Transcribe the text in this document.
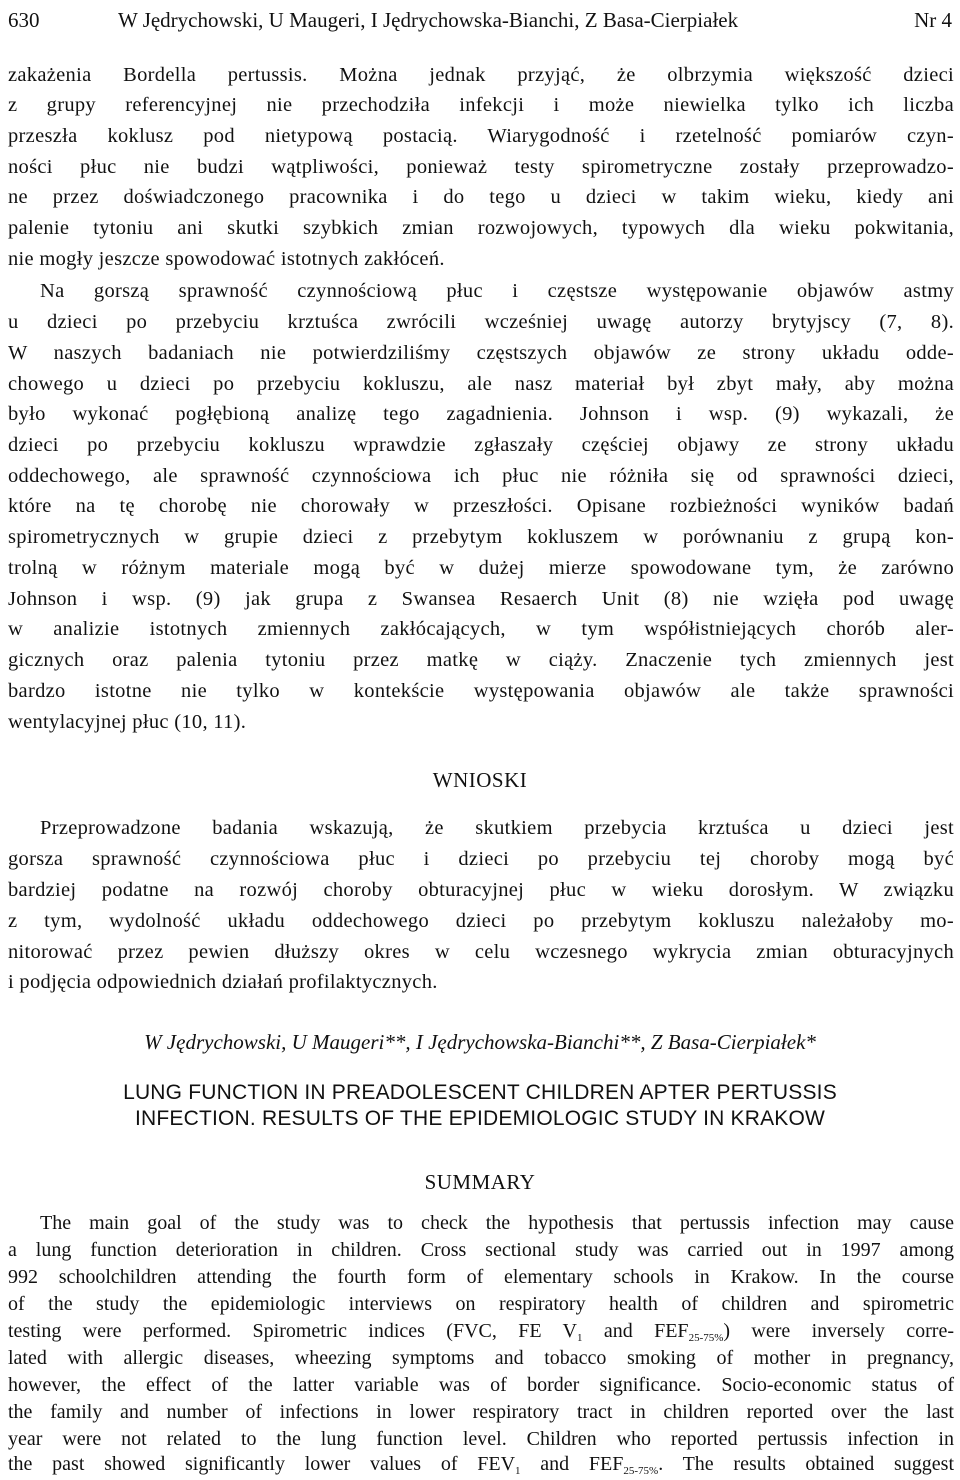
630	W Jędrychowski, U Maugeri, I Jędrychowska-Bianchi, Z Basa-Cierpiałek	Nr 4
zakażenia Bordella pertussis. Można jednak przyjąć, że olbrzymia większość dzieci
z grupy referencyjnej nie przechodziła infekcji i może niewielka tylko ich liczba
przeszła koklusz pod nietypową postacią. Wiarygodność i rzetelność pomiarów czyn-
ności płuc nie budzi wątpliwości, ponieważ testy spirometryczne zostały przeprowadzo-
ne przez doświadczonego pracownika i do tego u dzieci w takim wieku, kiedy ani
palenie tytoniu ani skutki szybkich zmian rozwojowych, typowych dla wieku pokwitania,
nie mogły jeszcze spowodować istotnych zakłóceń.
Na gorszą sprawność czynnościową płuc i częstsze występowanie objawów astmy
u dzieci po przebyciu krztuśca zwrócili wcześniej uwagę autorzy brytyjscy (7, 8).
W naszych badaniach nie potwierdziliśmy częstszych objawów ze strony układu odde-
chowego u dzieci po przebyciu kokluszu, ale nasz materiał był zbyt mały, aby można
było wykonać pogłębioną analizę tego zagadnienia. Johnson i wsp. (9) wykazali, że
dzieci po przebyciu kokluszu wprawdzie zgłaszały częściej objawy ze strony układu
oddechowego, ale sprawność czynnościowa ich płuc nie różniła się od sprawności dzieci,
które na tę chorobę nie chorowały w przeszłości. Opisane rozbieżności wyników badań
spirometrycznych w grupie dzieci z przebytym kokluszem w porównaniu z grupą kon-
trolną w różnym materiale mogą być w dużej mierze spowodowane tym, że zarówno
Johnson i wsp. (9) jak grupa z Swansea Resaerch Unit (8) nie wzięła pod uwagę
w analizie istotnych zmiennych zakłócających, w tym współistniejących chorób aler-
gicznych oraz palenia tytoniu przez matkę w ciąży. Znaczenie tych zmiennych jest
bardzo istotne nie tylko w kontekście występowania objawów ale także sprawności
wentylacyjnej płuc (10, 11).
WNIOSKI
Przeprowadzone badania wskazują, że skutkiem przebycia krztuśca u dzieci jest
gorsza sprawność czynnościowa płuc i dzieci po przebyciu tej choroby mogą być
bardziej podatne na rozwój choroby obturacyjnej płuc w wieku dorosłym. W związku
z tym, wydolność układu oddechowego dzieci po przebytym kokluszu należałoby mo-
nitorować przez pewien dłuższy okres w celu wczesnego wykrycia zmian obturacyjnych
i podjęcia odpowiednich działań profilaktycznych.
W Jędrychowski, U Maugeri**, I Jędrychowska-Bianchi**, Z Basa-Cierpiałek*
LUNG FUNCTION IN PREADOLESCENT CHILDREN APTER PERTUSSIS
INFECTION. RESULTS OF THE EPIDEMIOLOGIC STUDY IN KRAKOW
SUMMARY
The main goal of the study was to check the hypothesis that pertussis infection may cause
a lung function deterioration in children. Cross sectional study was carried out in 1997 among
992 schoolchildren attending the fourth form of elementary schools in Krakow. In the course
of the study the epidemiologic interviews on respiratory health of children and spirometric
testing were performed. Spirometric indices (FVC, FE $V_1$ and $FEF_{25-75\%}$) were inversely corre-
lated with allergic diseases, wheezing symptoms and tobacco smoking of mother in pregnancy,
however, the effect of the latter variable was of border significance. Socio-economic status of
the family and number of infections in lower respiratory tract in children reported over the last
year were not related to the lung function level. Children who reported pertussis infection in
the past showed significantly lower values of $FEV_1$ and $FEF_{25-75\%}$. The results obtained suggest
